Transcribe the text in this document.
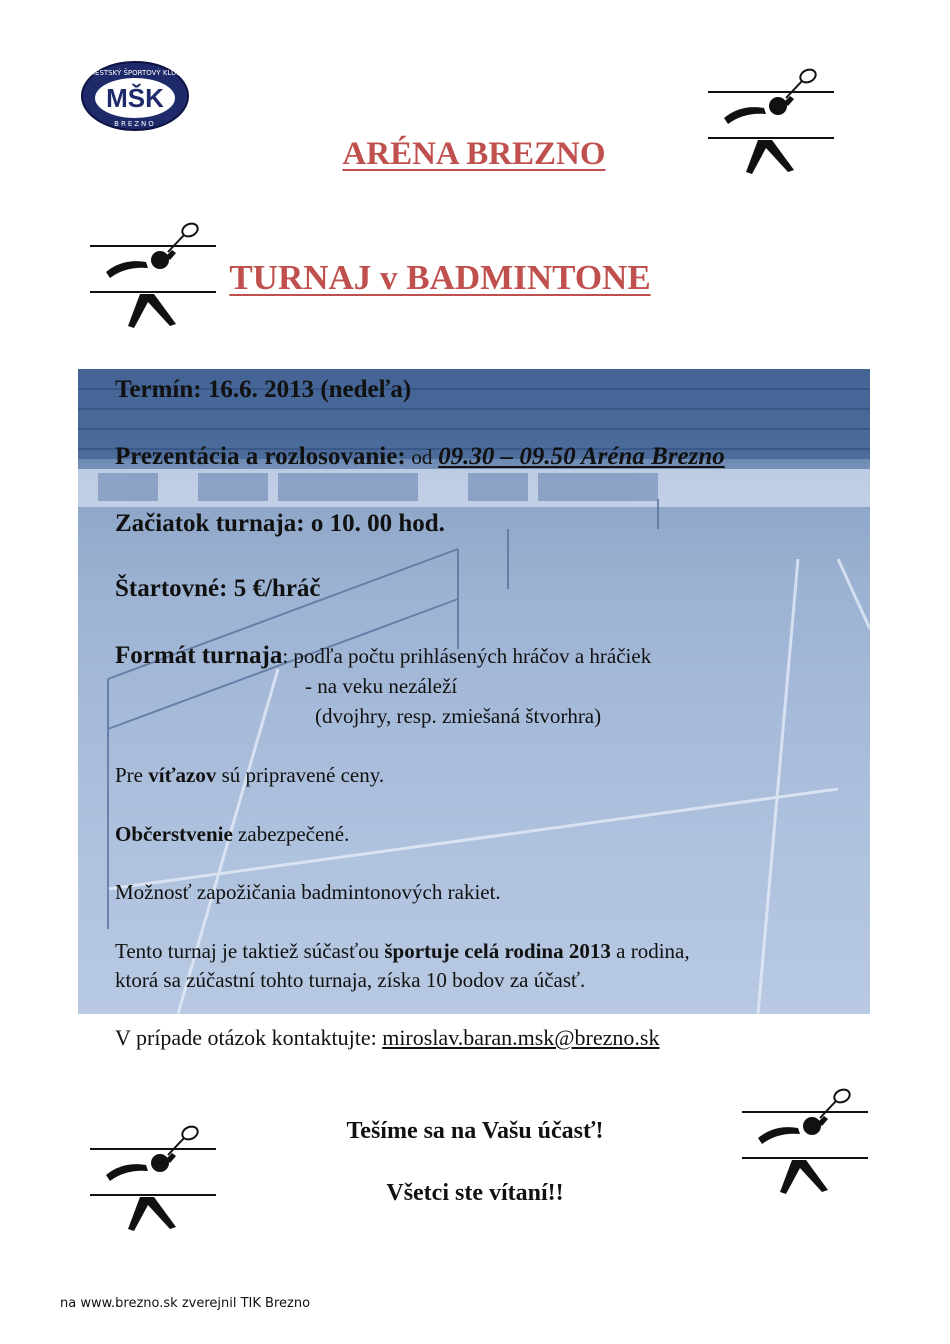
MESTSKÝ ŠPORTOVÝ KLUB
MŠK
BREZNO
ARÉNA BREZNO
TURNAJ v BADMINTONE
Termín: 16.6. 2013 (nedeľa)
Prezentácia a rozlosovanie: od 09.30 – 09.50 Aréna Brezno
Začiatok turnaja: o 10. 00 hod.
Štartovné: 5 €/hráč
Formát turnaja: podľa počtu prihlásených hráčov a hráčiek
- na veku nezáleží
(dvojhry, resp. zmiešaná štvorhra)
Pre víťazov sú pripravené ceny.
Občerstvenie zabezpečené.
Možnosť zapožičania badmintonových rakiet.
Tento turnaj je taktiež súčasťou športuje celá rodina 2013 a rodina,
ktorá sa zúčastní tohto turnaja, získa 10 bodov za účasť.
V prípade otázok kontaktujte: miroslav.baran.msk@brezno.sk
Tešíme sa na Vašu účasť!
Všetci ste vítaní!!
na www.brezno.sk zverejnil TIK Brezno
